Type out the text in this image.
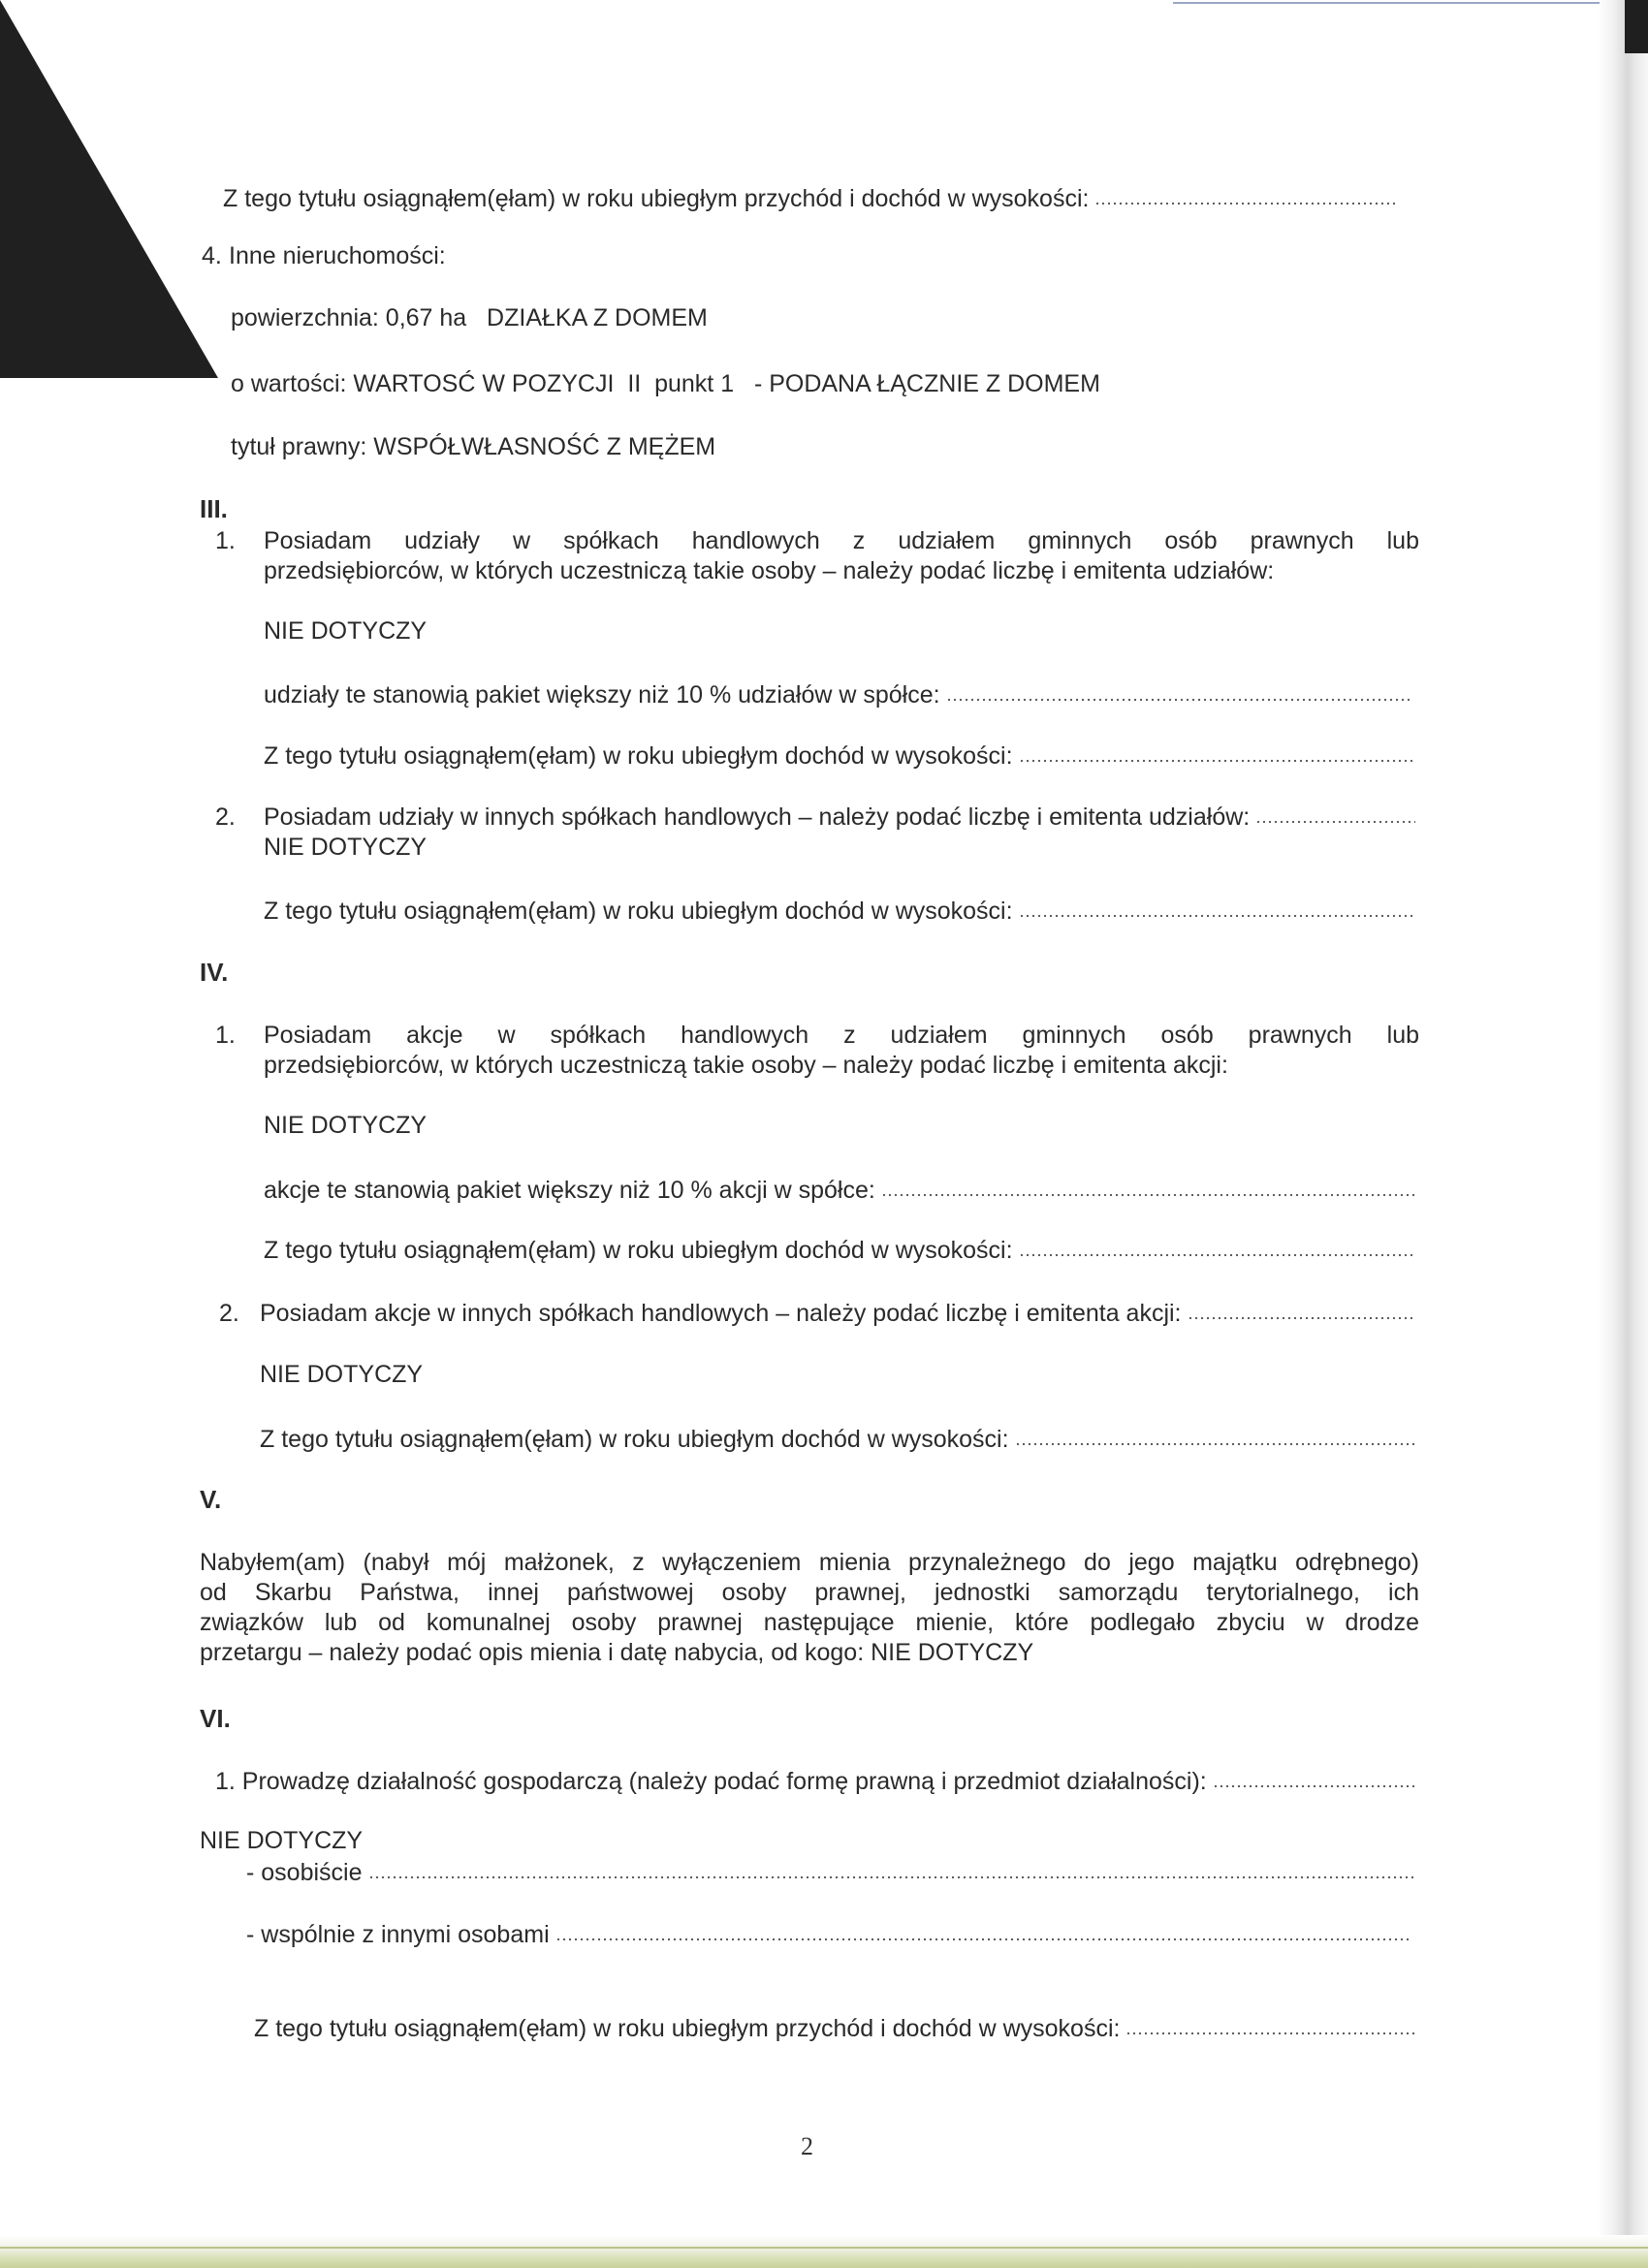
Z tego tytułu osiągnąłem(ęłam) w roku ubiegłym przychód i dochód w wysokości:
4. Inne nieruchomości:
powierzchnia: 0,67 ha   DZIAŁKA Z DOMEM
o wartości: WARTOSĆ W POZYCJI  II  punkt 1   - PODANA ŁĄCZNIE Z DOMEM
tytuł prawny: WSPÓŁWŁASNOŚĆ Z MĘŻEM
III.
1. Posiadam udziały w spółkach handlowych z udziałem gminnych osób prawnych lub
przedsiębiorców, w których uczestniczą takie osoby – należy podać liczbę i emitenta udziałów:
NIE DOTYCZY
udziały te stanowią pakiet większy niż 10 % udziałów w spółce:
Z tego tytułu osiągnąłem(ęłam) w roku ubiegłym dochód w wysokości:
2. Posiadam udziały w innych spółkach handlowych – należy podać liczbę i emitenta udziałów:
NIE DOTYCZY
Z tego tytułu osiągnąłem(ęłam) w roku ubiegłym dochód w wysokości:
IV.
1. Posiadam akcje w spółkach handlowych z udziałem gminnych osób prawnych lub
przedsiębiorców, w których uczestniczą takie osoby – należy podać liczbę i emitenta akcji:
NIE DOTYCZY
akcje te stanowią pakiet większy niż 10 % akcji w spółce:
Z tego tytułu osiągnąłem(ęłam) w roku ubiegłym dochód w wysokości:
2. Posiadam akcje w innych spółkach handlowych – należy podać liczbę i emitenta akcji:
NIE DOTYCZY
Z tego tytułu osiągnąłem(ęłam) w roku ubiegłym dochód w wysokości:
V.
Nabyłem(am) (nabył mój małżonek, z wyłączeniem mienia przynależnego do jego majątku odrębnego)
od Skarbu Państwa, innej państwowej osoby prawnej, jednostki samorządu terytorialnego, ich
związków lub od komunalnej osoby prawnej następujące mienie, które podlegało zbyciu w drodze
przetargu – należy podać opis mienia i datę nabycia, od kogo: NIE DOTYCZY
VI.
1. Prowadzę działalność gospodarczą (należy podać formę prawną i przedmiot działalności):
NIE DOTYCZY
- osobiście
- wspólnie z innymi osobami
Z tego tytułu osiągnąłem(ęłam) w roku ubiegłym przychód i dochód w wysokości:
2
